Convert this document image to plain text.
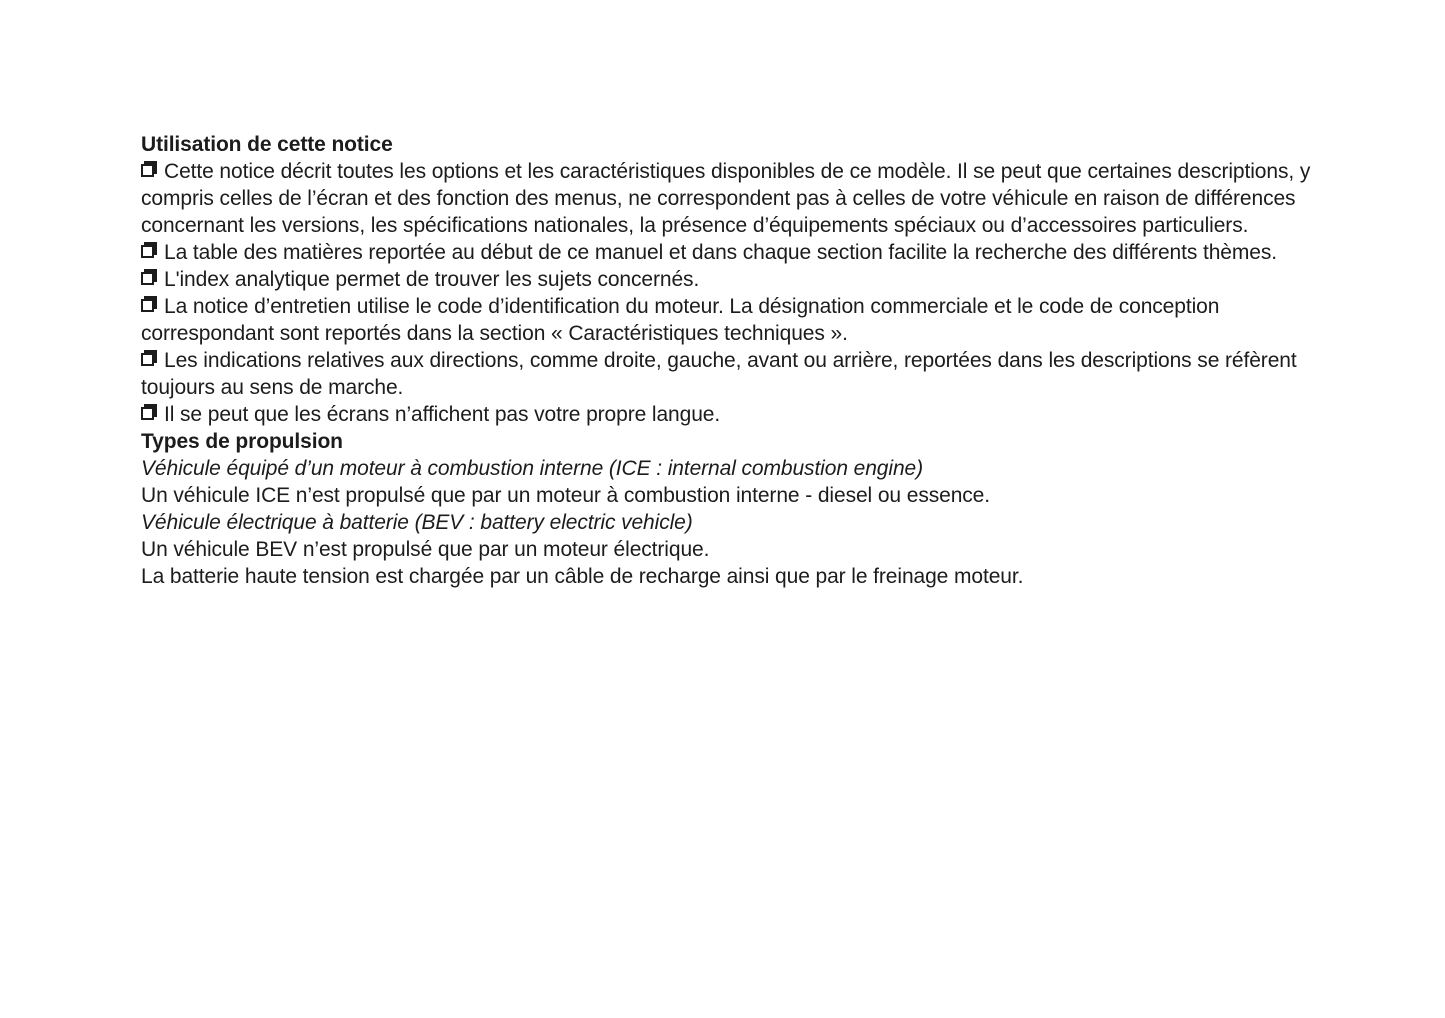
Utilisation de cette notice

Cette notice décrit toutes les options et les caractéristiques disponibles de ce modèle. Il se peut que certaines descriptions, y compris celles de l’écran et des fonction des menus, ne correspondent pas à celles de votre véhicule en raison de différences concernant les versions, les spécifications nationales, la présence d’équipements spéciaux ou d’accessoires particuliers.

La table des matières reportée au début de ce manuel et dans chaque section facilite la recherche des différents thèmes.

L'index analytique permet de trouver les sujets concernés.

La notice d’entretien utilise le code d’identification du moteur. La désignation commerciale et le code de conception correspondant sont reportés dans la section « Caractéristiques techniques ».

Les indications relatives aux directions, comme droite, gauche, avant ou arrière, reportées dans les descriptions se réfèrent toujours au sens de marche.

Il se peut que les écrans n’affichent pas votre propre langue.

Types de propulsion

Véhicule équipé d’un moteur à combustion interne (ICE : internal combustion engine)

Un véhicule ICE n’est propulsé que par un moteur à combustion interne - diesel ou essence.

Véhicule électrique à batterie (BEV : battery electric vehicle)

Un véhicule BEV n’est propulsé que par un moteur électrique.

La batterie haute tension est chargée par un câble de recharge ainsi que par le freinage moteur.
